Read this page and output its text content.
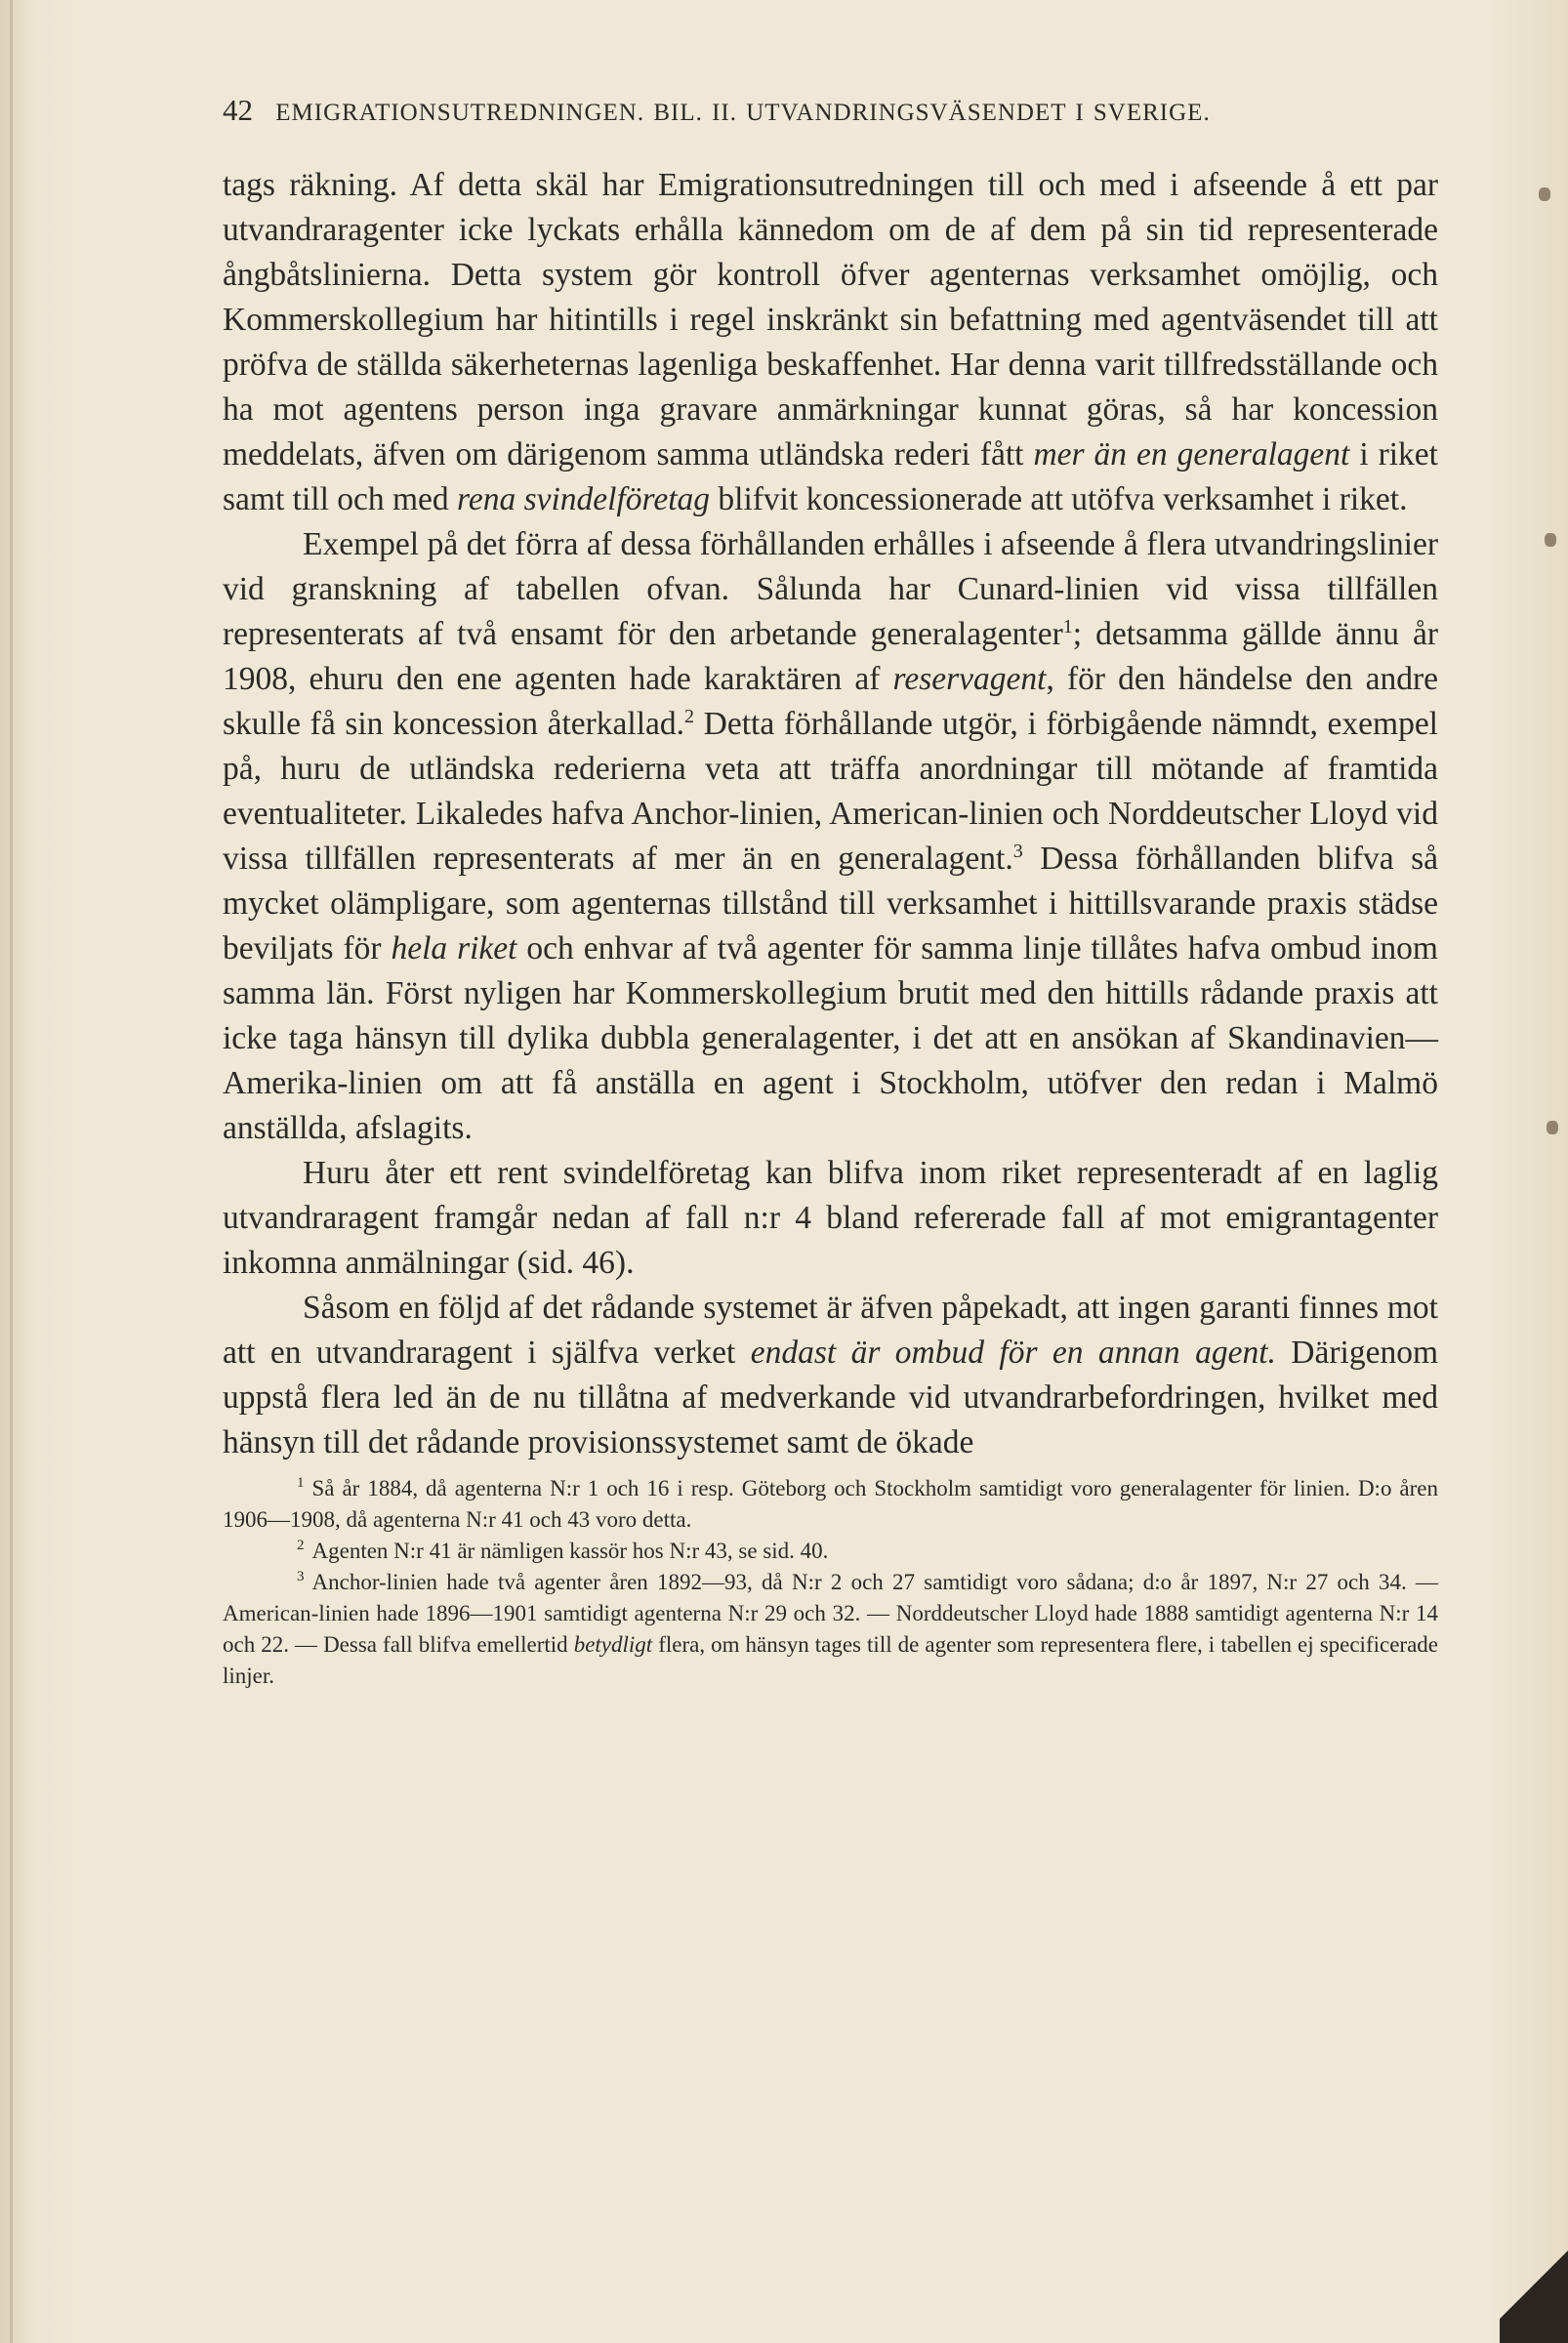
42 EMIGRATIONSUTREDNINGEN. BIL. II. UTVANDRINGSVÄSENDET I SVERIGE.

tags räkning. Af detta skäl har Emigrationsutredningen till och med i afseende å ett par utvandraragenter icke lyckats erhålla kännedom om de af dem på sin tid representerade ångbåtslinierna. Detta system gör kontroll öfver agenternas verksamhet omöjlig, och Kommerskollegium har hitintills i regel inskränkt sin befattning med agentväsendet till att pröfva de ställda säkerheternas lagenliga beskaffenhet. Har denna varit tillfredsställande och ha mot agentens person inga gravare anmärkningar kunnat göras, så har koncession meddelats, äfven om därigenom samma utländska rederi fått mer än en generalagent i riket samt till och med rena svindelföretag blifvit koncessionerade att utöfva verksamhet i riket.

Exempel på det förra af dessa förhållanden erhålles i afseende å flera utvandringslinier vid granskning af tabellen ofvan. Sålunda har Cunard-linien vid vissa tillfällen representerats af två ensamt för den arbetande generalagenter$^1$; detsamma gällde ännu år 1908, ehuru den ene agenten hade karaktären af reservagent, för den händelse den andre skulle få sin koncession återkallad.$^2$ Detta förhållande utgör, i förbigående nämndt, exempel på, huru de utländska rederierna veta att träffa anordningar till mötande af framtida eventualiteter. Likaledes hafva Anchor-linien, American-linien och Norddeutscher Lloyd vid vissa tillfällen representerats af mer än en generalagent.$^3$ Dessa förhållanden blifva så mycket olämpligare, som agenternas tillstånd till verksamhet i hittillsvarande praxis städse beviljats för hela riket och enhvar af två agenter för samma linje tillåtes hafva ombud inom samma län. Först nyligen har Kommerskollegium brutit med den hittills rådande praxis att icke taga hänsyn till dylika dubbla generalagenter, i det att en ansökan af Skandinavien—Amerika-linien om att få anställa en agent i Stockholm, utöfver den redan i Malmö anställda, afslagits.

Huru åter ett rent svindelföretag kan blifva inom riket representeradt af en laglig utvandraragent framgår nedan af fall n:r 4 bland refererade fall af mot emigrantagenter inkomna anmälningar (sid. 46).

Såsom en följd af det rådande systemet är äfven påpekadt, att ingen garanti finnes mot att en utvandraragent i själfva verket endast är ombud för en annan agent. Därigenom uppstå flera led än de nu tillåtna af medverkande vid utvandrarbefordringen, hvilket med hänsyn till det rådande provisionssystemet samt de ökade

$^1$ Så år 1884, då agenterna N:r 1 och 16 i resp. Göteborg och Stockholm samtidigt voro generalagenter för linien. D:o åren 1906—1908, då agenterna N:r 41 och 43 voro detta.

$^2$ Agenten N:r 41 är nämligen kassör hos N:r 43, se sid. 40.

$^3$ Anchor-linien hade två agenter åren 1892—93, då N:r 2 och 27 samtidigt voro sådana; d:o år 1897, N:r 27 och 34. — American-linien hade 1896—1901 samtidigt agenterna N:r 29 och 32. — Norddeutscher Lloyd hade 1888 samtidigt agenterna N:r 14 och 22. — Dessa fall blifva emellertid betydligt flera, om hänsyn tages till de agenter som representera flere, i tabellen ej specificerade linjer.
